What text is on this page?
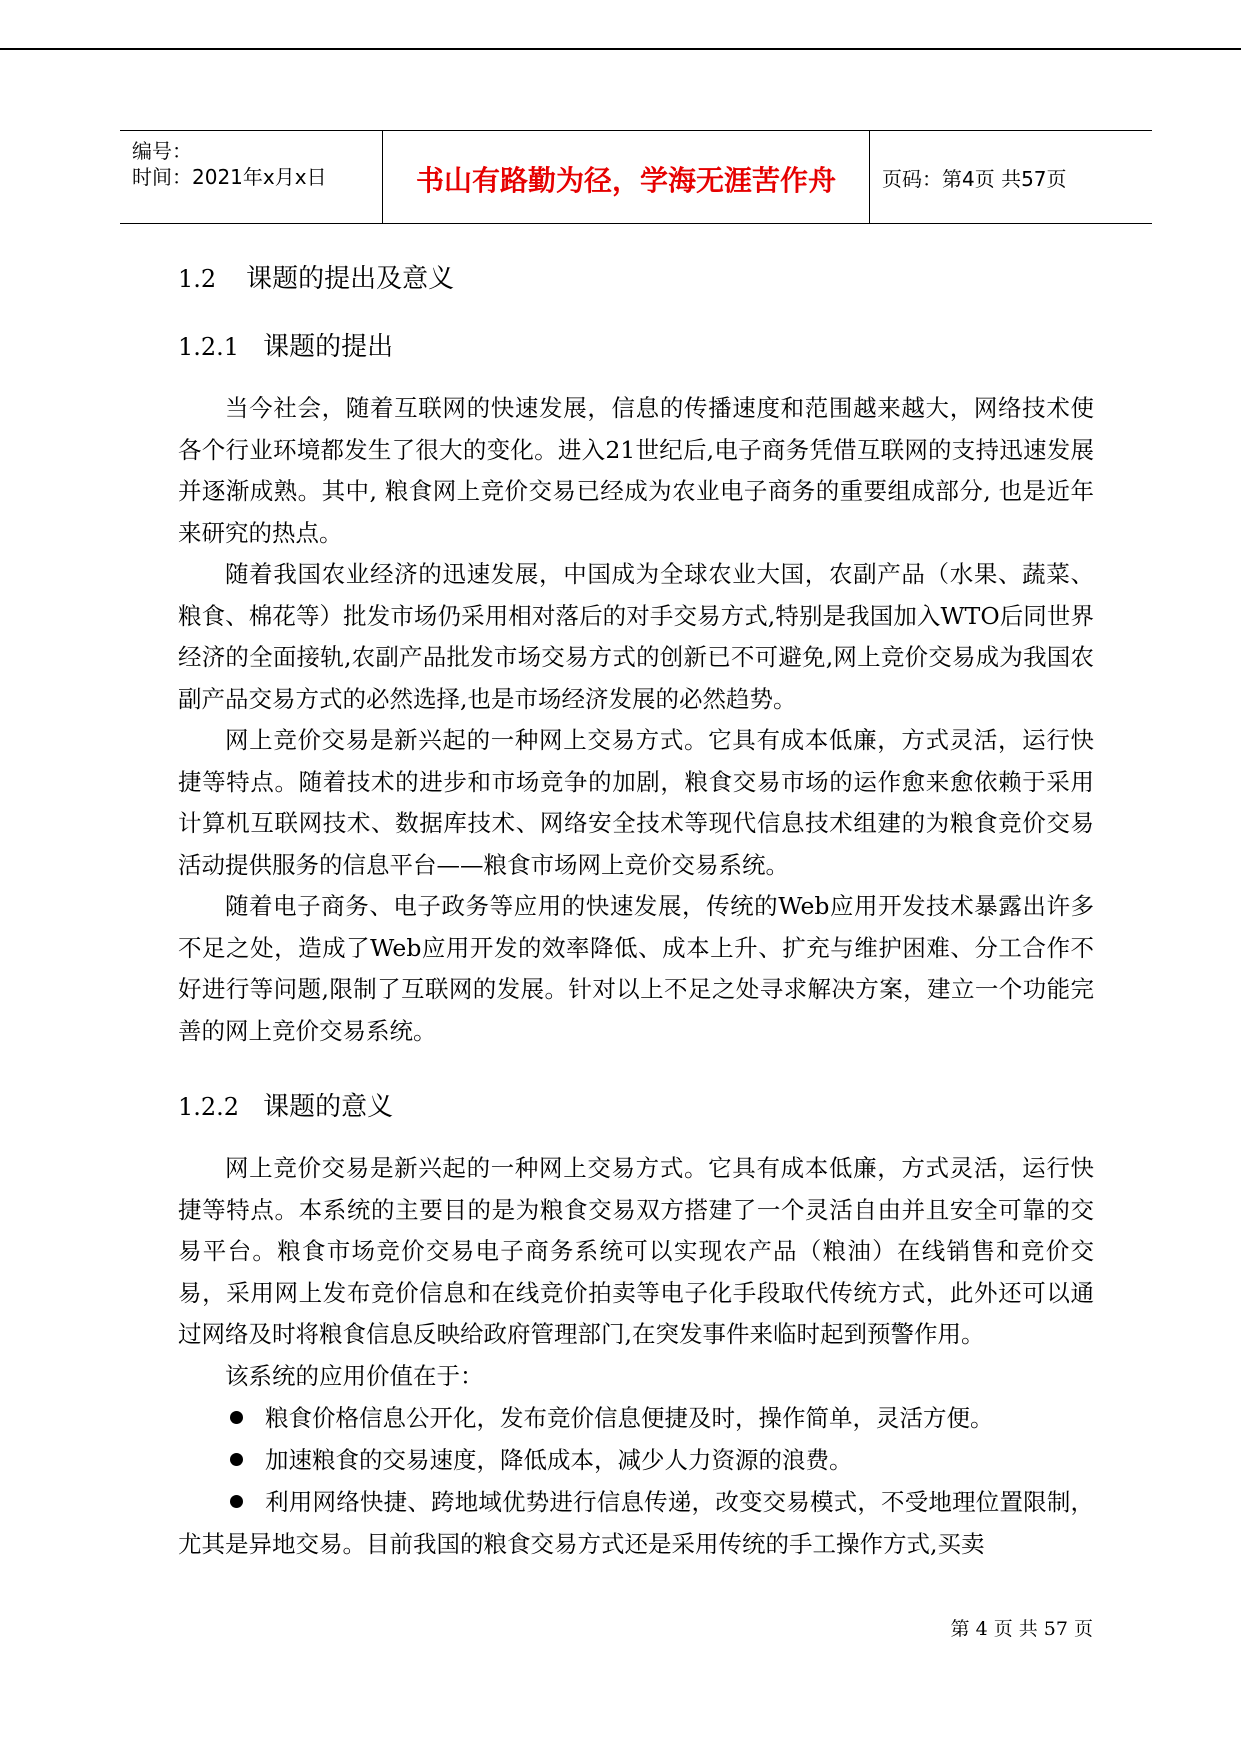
编号：
时间：2021年x月x日	书山有路勤为径，学海无涯苦作舟	页码：第4页 共57页
1.2 课题的提出及意义
1.2.1 课题的提出

当今社会，随着互联网的快速发展，信息的传播速度和范围越来越大，网络技术使各个行业环境都发生了很大的变化。进入21世纪后,电子商务凭借互联网的支持迅速发展并逐渐成熟。其中, 粮食网上竞价交易已经成为农业电子商务的重要组成部分, 也是近年来研究的热点。

随着我国农业经济的迅速发展，中国成为全球农业大国，农副产品（水果、蔬菜、粮食、棉花等）批发市场仍采用相对落后的对手交易方式,特别是我国加入WTO后同世界经济的全面接轨,农副产品批发市场交易方式的创新已不可避免,网上竞价交易成为我国农副产品交易方式的必然选择,也是市场经济发展的必然趋势。

网上竞价交易是新兴起的一种网上交易方式。它具有成本低廉，方式灵活，运行快捷等特点。随着技术的进步和市场竞争的加剧，粮食交易市场的运作愈来愈依赖于采用计算机互联网技术、数据库技术、网络安全技术等现代信息技术组建的为粮食竞价交易活动提供服务的信息平台——粮食市场网上竞价交易系统。

随着电子商务、电子政务等应用的快速发展，传统的Web应用开发技术暴露出许多不足之处，造成了Web应用开发的效率降低、成本上升、扩充与维护困难、分工合作不好进行等问题,限制了互联网的发展。针对以上不足之处寻求解决方案，建立一个功能完善的网上竞价交易系统。

1.2.2 课题的意义

网上竞价交易是新兴起的一种网上交易方式。它具有成本低廉，方式灵活，运行快捷等特点。本系统的主要目的是为粮食交易双方搭建了一个灵活自由并且安全可靠的交易平台。粮食市场竞价交易电子商务系统可以实现农产品（粮油）在线销售和竞价交易，采用网上发布竞价信息和在线竞价拍卖等电子化手段取代传统方式，此外还可以通过网络及时将粮食信息反映给政府管理部门,在突发事件来临时起到预警作用。

该系统的应用价值在于：

粮食价格信息公开化，发布竞价信息便捷及时，操作简单，灵活方便。
加速粮食的交易速度，降低成本，减少人力资源的浪费。
利用网络快捷、跨地域优势进行信息传递，改变交易模式，不受地理位置限制，尤其是异地交易。目前我国的粮食交易方式还是采用传统的手工操作方式,买卖
第 4 页 共 57 页
